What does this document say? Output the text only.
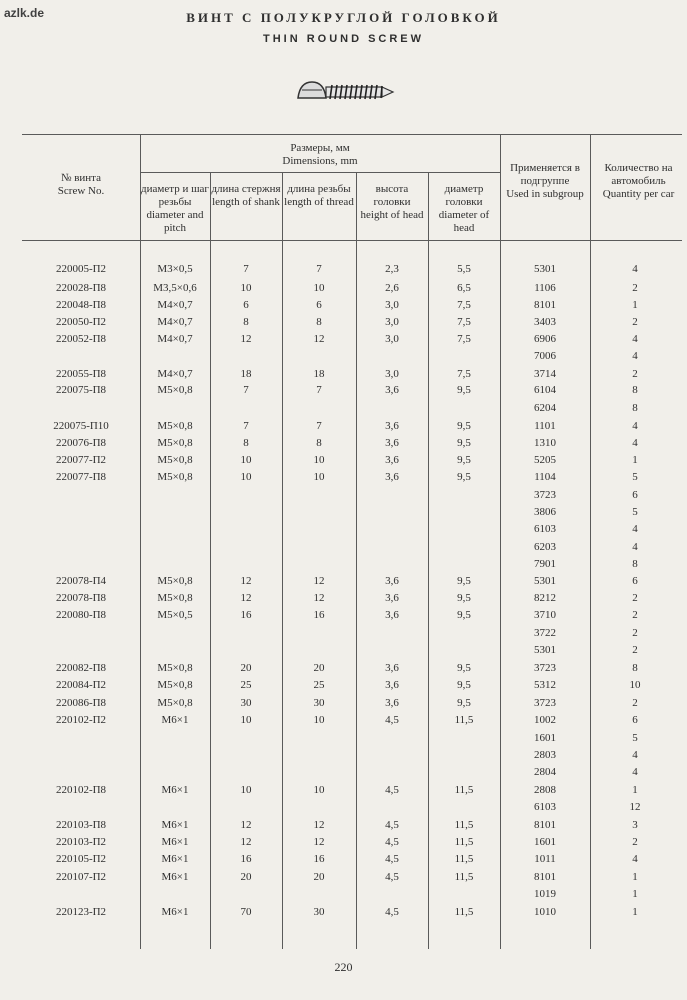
azlk.de	ВИНТ С ПОЛУКРУГЛОЙ ГОЛОВКОЙ
THIN ROUND SCREW
№ винта
Screw No.
Размеры, мм
Dimensions, mm
диаметр и шаг резьбы
diameter and pitch
длина стержня
length of shank
длина резьбы
length of thread
высота головки
height of head
диаметр головки
diameter of head
Применяется в подгруппе
Used in subgroup
Количество на автомобиль
Quantity per car
220005-П2	М3×0,5	7	7	2,3	5,5	5301	4
220028-П8	М3,5×0,6	10	10	2,6	6,5	1106	2
220048-П8	М4×0,7	6	6	3,0	7,5	8101	1
220050-П2	М4×0,7	8	8	3,0	7,5	3403	2
220052-П8	М4×0,7	12	12	3,0	7,5	6906	4
7006	4
220055-П8	М4×0,7	18	18	3,0	7,5	3714	2
220075-П8	М5×0,8	7	7	3,6	9,5	6104	8
6204	8
220075-П10	М5×0,8	7	7	3,6	9,5	1101	4
220076-П8	М5×0,8	8	8	3,6	9,5	1310	4
220077-П2	М5×0,8	10	10	3,6	9,5	5205	1
220077-П8	М5×0,8	10	10	3,6	9,5	1104	5
3723	6
3806	5
6103	4
6203	4
7901	8
220078-П4	М5×0,8	12	12	3,6	9,5	5301	6
220078-П8	М5×0,8	12	12	3,6	9,5	8212	2
220080-П8	М5×0,5	16	16	3,6	9,5	3710	2
3722	2
5301	2
220082-П8	М5×0,8	20	20	3,6	9,5	3723	8
220084-П2	М5×0,8	25	25	3,6	9,5	5312	10
220086-П8	М5×0,8	30	30	3,6	9,5	3723	2
220102-П2	М6×1	10	10	4,5	11,5	1002	6
1601	5
2803	4
2804	4
220102-П8	М6×1	10	10	4,5	11,5	2808	1
6103	12
220103-П8	М6×1	12	12	4,5	11,5	8101	3
220103-П2	М6×1	12	12	4,5	11,5	1601	2
220105-П2	М6×1	16	16	4,5	11,5	1011	4
220107-П2	М6×1	20	20	4,5	11,5	8101	1
1019	1
220123-П2	М6×1	70	30	4,5	11,5	1010	1
220
